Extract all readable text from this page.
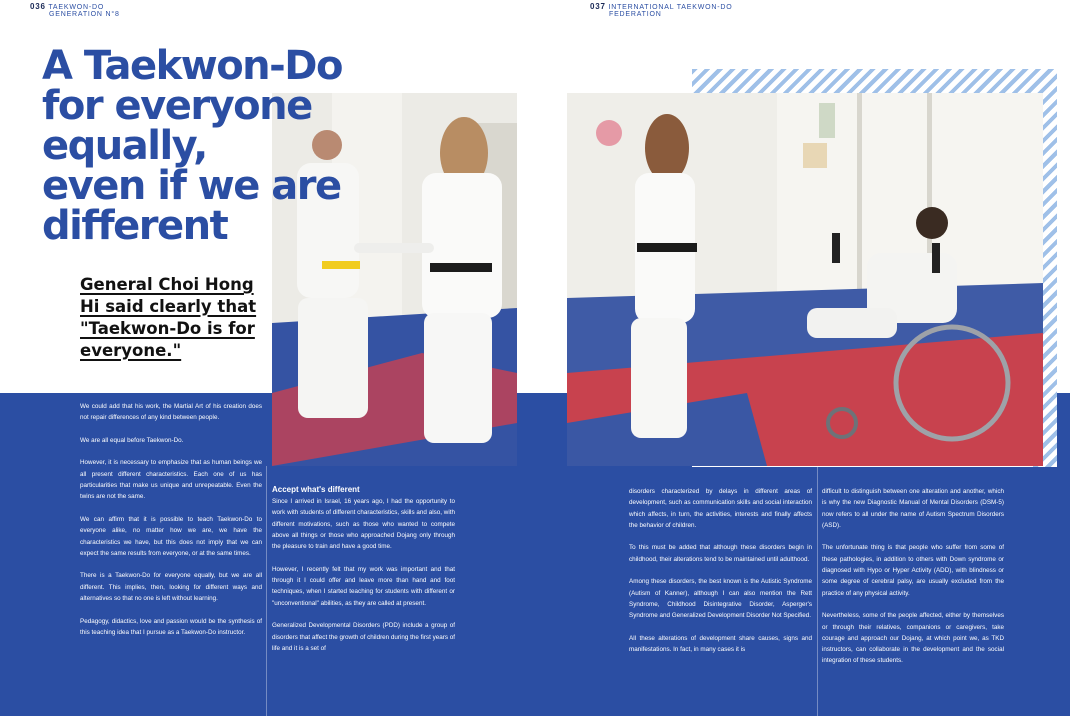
036 TAEKWON-DO
GENERATION N°8
037 INTERNATIONAL TAEKWON-DO
FEDERATION
A Taekwon-Do
for everyone
equally,
even if we are
different
General Choi Hong
Hi said clearly that
"Taekwon-Do is for
everyone."

We could add that his work, the Martial Art of his creation does not repair differences of any kind between people.

We are all equal before Taekwon-Do.

However, it is necessary to emphasize that as human beings we all present different characteristics. Each one of us has particularities that make us unique and unrepeatable. Even the twins are not the same.

We can affirm that it is possible to teach Taekwon-Do to everyone alike, no matter how we are, we have the characteristics we have, but this does not imply that we can expect the same results from everyone, or at the same times.

There is a Taekwon-Do for everyone equally, but we are all different. This implies, then, looking for different ways and alternatives so that no one is left without learning.

Pedagogy, didactics, love and passion would be the synthesis of this teaching idea that I pursue as a Taekwon-Do instructor.

Accept what's different

Since I arrived in Israel, 16 years ago, I had the opportunity to work with students of different characteristics, skills and also, with different motivations, such as those who wanted to compete above all things or those who approached Dojang only through the pleasure to train and have a good time.

However, I recently felt that my work was important and that through it I could offer and leave more than hand and foot techniques, when I started teaching for students with different or "unconventional" abilities, as they are called at present.

Generalized Developmental Disorders (PDD) include a group of disorders that affect the growth of children during the first years of life and it is a set of

disorders characterized by delays in different areas of development, such as communication skills and social interaction which affects, in turn, the activities, interests and finally affects the behavior of children.

To this must be added that although these disorders begin in childhood, their alterations tend to be maintained until adulthood.

Among these disorders, the best known is the Autistic Syndrome (Autism of Kanner), although I can also mention the Rett Syndrome, Childhood Disintegrative Disorder, Asperger's Syndrome and Generalized Development Disorder Not Specified.

All these alterations of development share causes, signs and manifestations. In fact, in many cases it is

difficult to distinguish between one alteration and another, which is why the new Diagnostic Manual of Mental Disorders (DSM-5) now refers to all under the name of Autism Spectrum Disorders (ASD).

The unfortunate thing is that people who suffer from some of these pathologies, in addition to others with Down syndrome or diagnosed with Hypo or Hyper Activity (ADD), with blindness or some degree of cerebral palsy, are usually excluded from the practice of any physical activity.

Nevertheless, some of the people affected, either by themselves or through their relatives, companions or caregivers, take courage and approach our Dojang, at which point we, as TKD instructors, can collaborate in the development and the social integration of these students.
